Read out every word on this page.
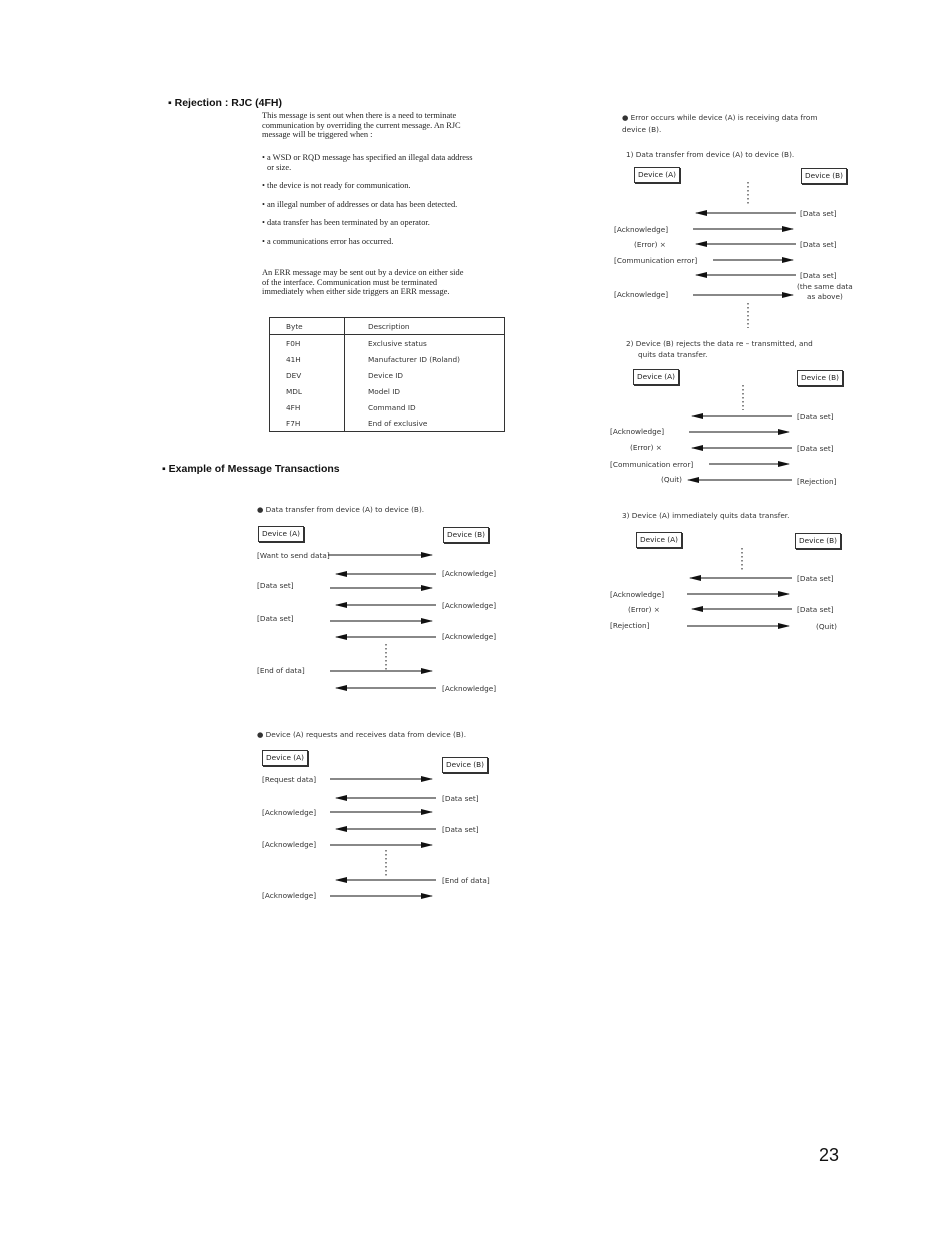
▪ Rejection : RJC (4FH)
This message is sent out when there is a need to terminate
communication by overriding the current message. An RJC
message will be triggered when :

• a WSD or RQD message has specified an illegal data address
or size.

• the device is not ready for communication.

• an illegal number of addresses or data has been detected.

• data transfer has been terminated by an operator.

• a communications error has occurred.

An ERR message may be sent out by a device on either side
of the interface. Communication must be terminated
immediately when either side triggers an ERR message.
Byte	Description
F0H	Exclusive status
41H	Manufacturer ID (Roland)
DEV	Device ID
MDL	Model ID
4FH	Command ID
F7H	End of exclusive
▪ Example of Message Transactions
● Data transfer from device (A) to device (B).
Device (A)	Device (B)
[Want to send data]
[Acknowledge]
[Data set]
[Acknowledge]
[Data set]
[Acknowledge]
[End of data]
[Acknowledge]
● Device (A) requests and receives data from device (B).
Device (A)
Device (B)
[Request data]
[Data set]
[Acknowledge]
[Data set]
[Acknowledge]
[End of data]
[Acknowledge]
● Error occurs while device (A) is receiving data from
device (B).
1) Data transfer from device (A) to device (B).
Device (A)	Device (B)
[Data set]
[Acknowledge]
(Error) ×	[Data set]
[Communication error]
[Data set]
(the same data
[Acknowledge]	as above)
2) Device (B) rejects the data re – transmitted, and
quits data transfer.
Device (A)	Device (B)
[Data set]
[Acknowledge]
(Error) ×	[Data set]
[Communication error]
(Quit)	[Rejection]
3) Device (A) immediately quits data transfer.
Device (A)	Device (B)
[Data set]
[Acknowledge]
(Error) ×	[Data set]
[Rejection]	(Quit)
23
